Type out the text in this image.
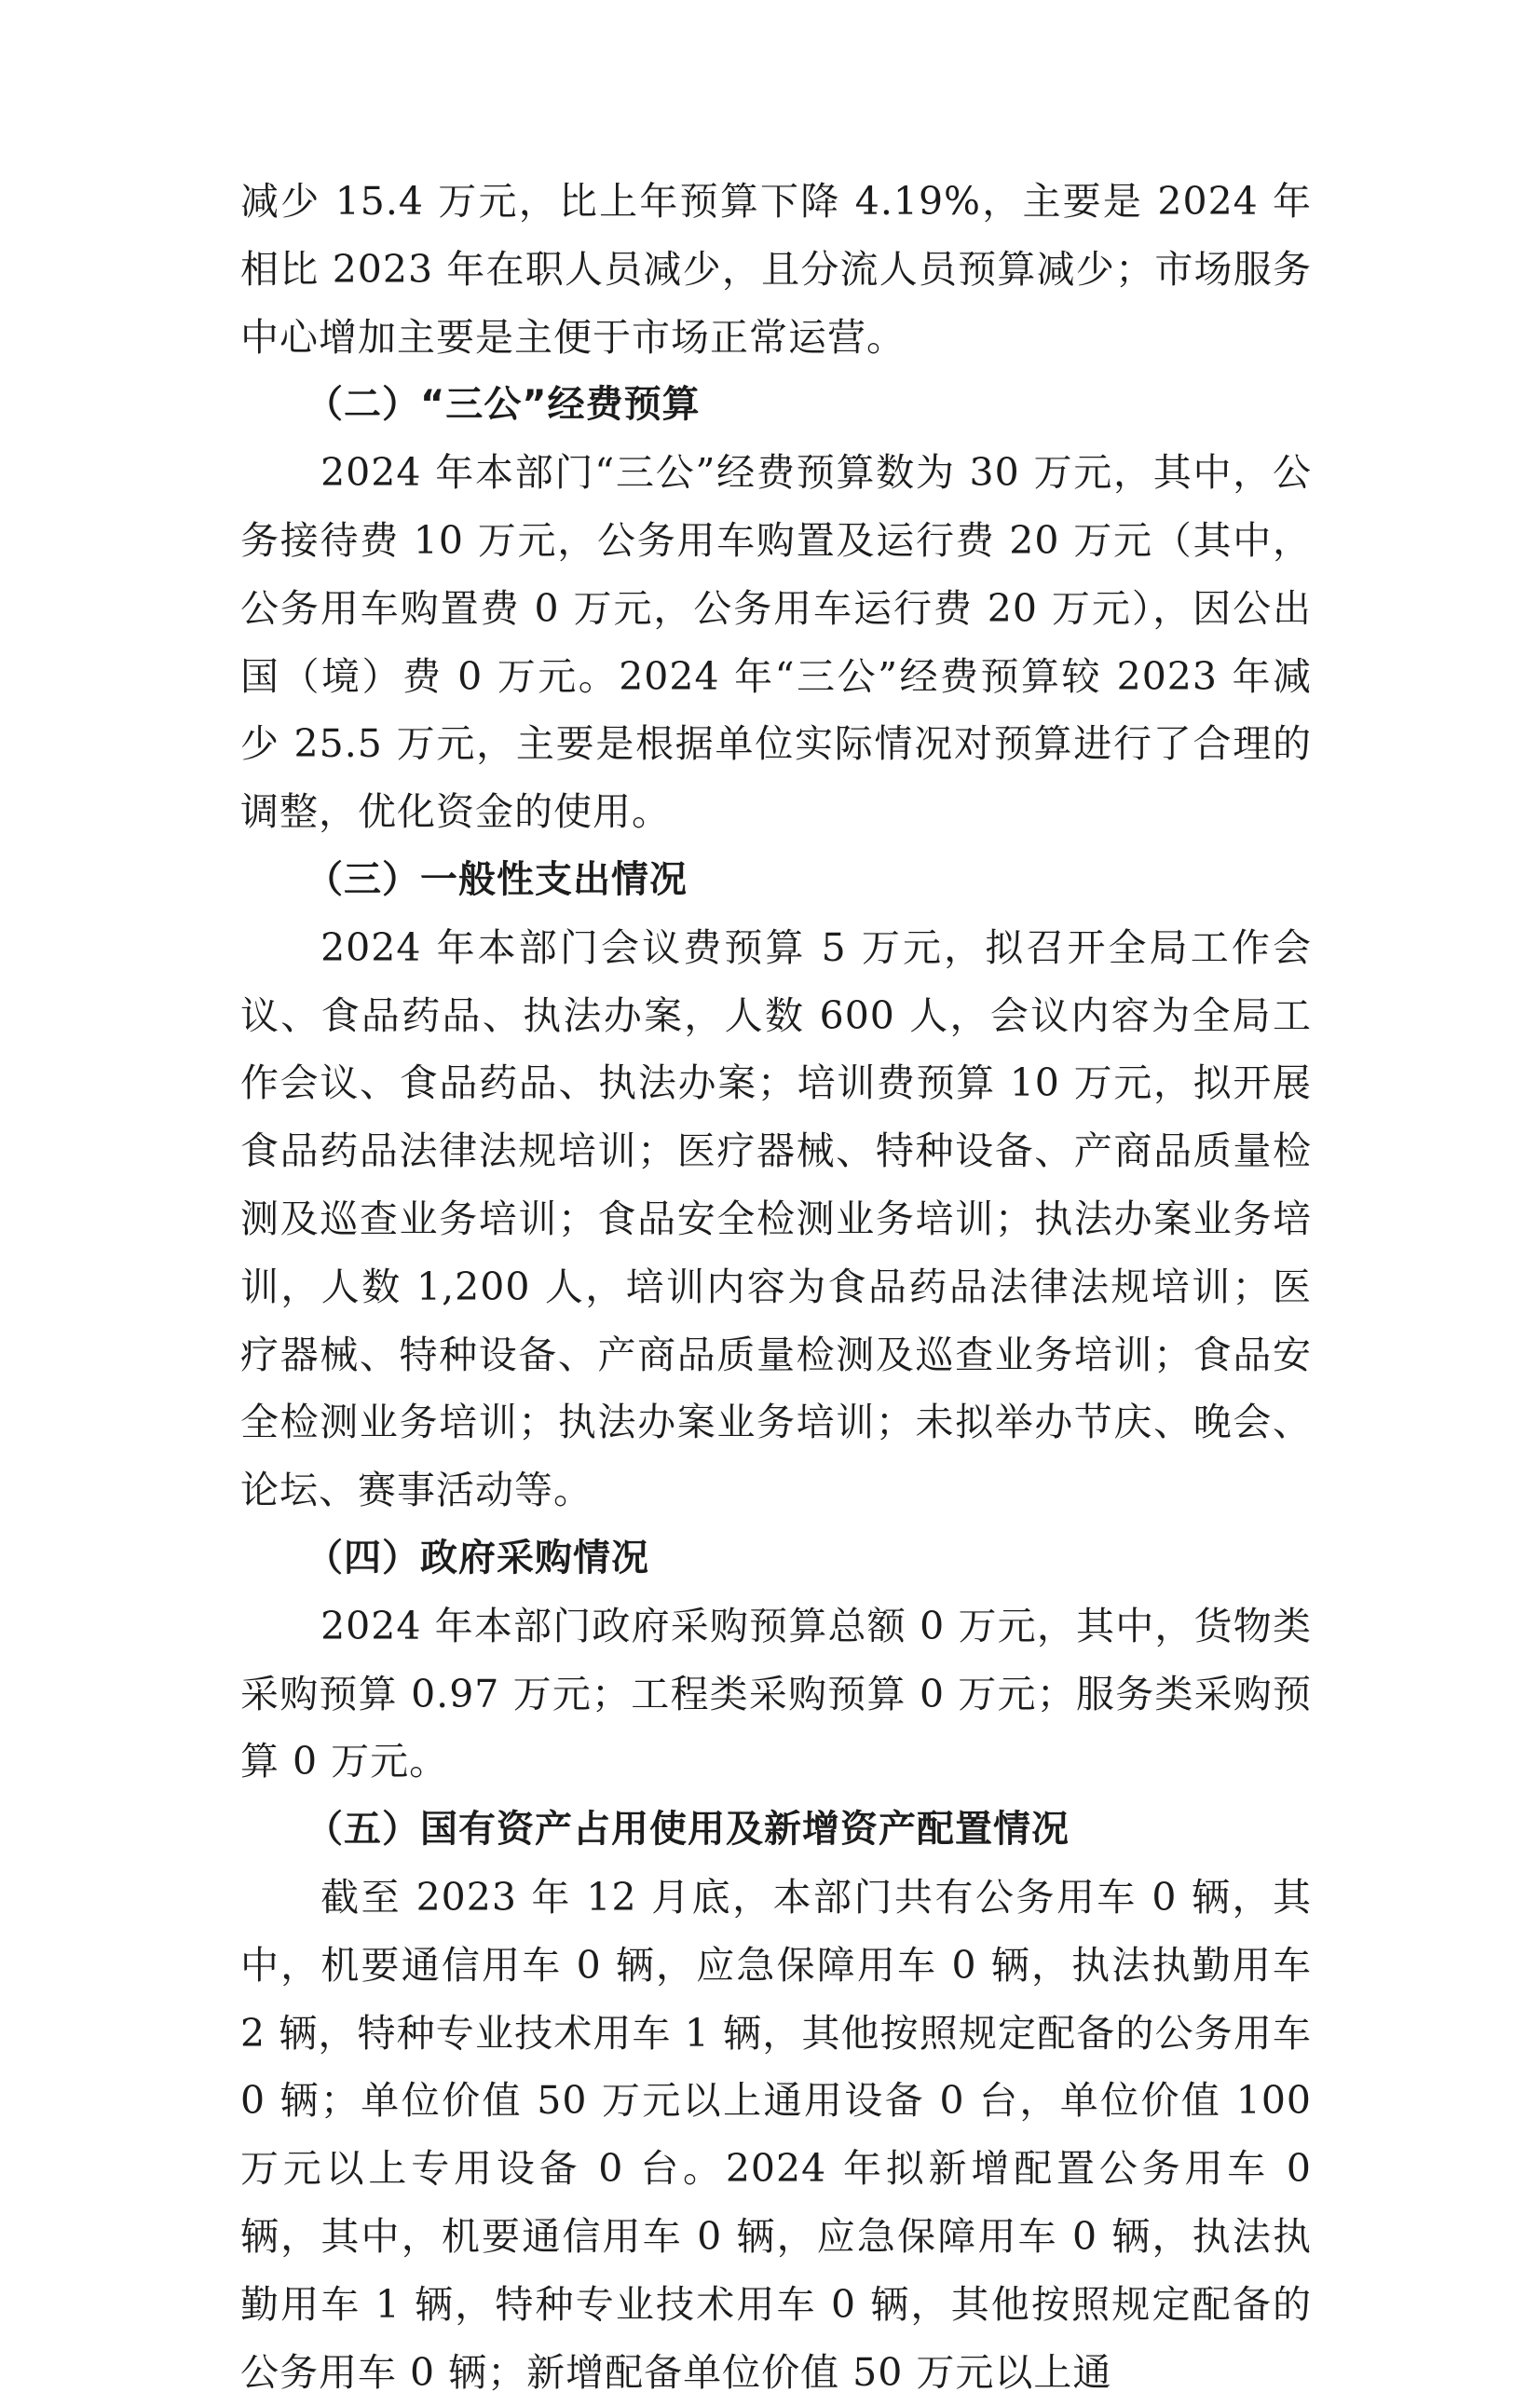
减少 15.4 万元，比上年预算下降 4.19%，主要是 2024 年相比 2023 年在职人员减少，且分流人员预算减少；市场服务中心增加主要是主便于市场正常运营。

（二）“三公”经费预算

2024 年本部门“三公”经费预算数为 30 万元，其中，公务接待费 10 万元，公务用车购置及运行费 20 万元（其中，公务用车购置费 0 万元，公务用车运行费 20 万元），因公出国（境）费 0 万元。2024 年“三公”经费预算较 2023 年减少 25.5 万元，主要是根据单位实际情况对预算进行了合理的调整，优化资金的使用。

（三）一般性支出情况

2024 年本部门会议费预算 5 万元，拟召开全局工作会议、食品药品、执法办案，人数 600 人，会议内容为全局工作会议、食品药品、执法办案；培训费预算 10 万元，拟开展食品药品法律法规培训；医疗器械、特种设备、产商品质量检测及巡查业务培训；食品安全检测业务培训；执法办案业务培训，人数 1,200 人，培训内容为食品药品法律法规培训；医疗器械、特种设备、产商品质量检测及巡查业务培训；食品安全检测业务培训；执法办案业务培训；未拟举办节庆、晚会、论坛、赛事活动等。

（四）政府采购情况

2024 年本部门政府采购预算总额 0 万元，其中，货物类采购预算 0.97 万元；工程类采购预算 0 万元；服务类采购预算 0 万元。

（五）国有资产占用使用及新增资产配置情况

截至 2023 年 12 月底，本部门共有公务用车 0 辆，其中，机要通信用车 0 辆，应急保障用车 0 辆，执法执勤用车 2 辆，特种专业技术用车 1 辆，其他按照规定配备的公务用车 0 辆；单位价值 50 万元以上通用设备 0 台，单位价值 100 万元以上专用设备 0 台。2024 年拟新增配置公务用车 0 辆，其中，机要通信用车 0 辆，应急保障用车 0 辆，执法执勤用车 1 辆，特种专业技术用车 0 辆，其他按照规定配备的公务用车 0 辆；新增配备单位价值 50 万元以上通
